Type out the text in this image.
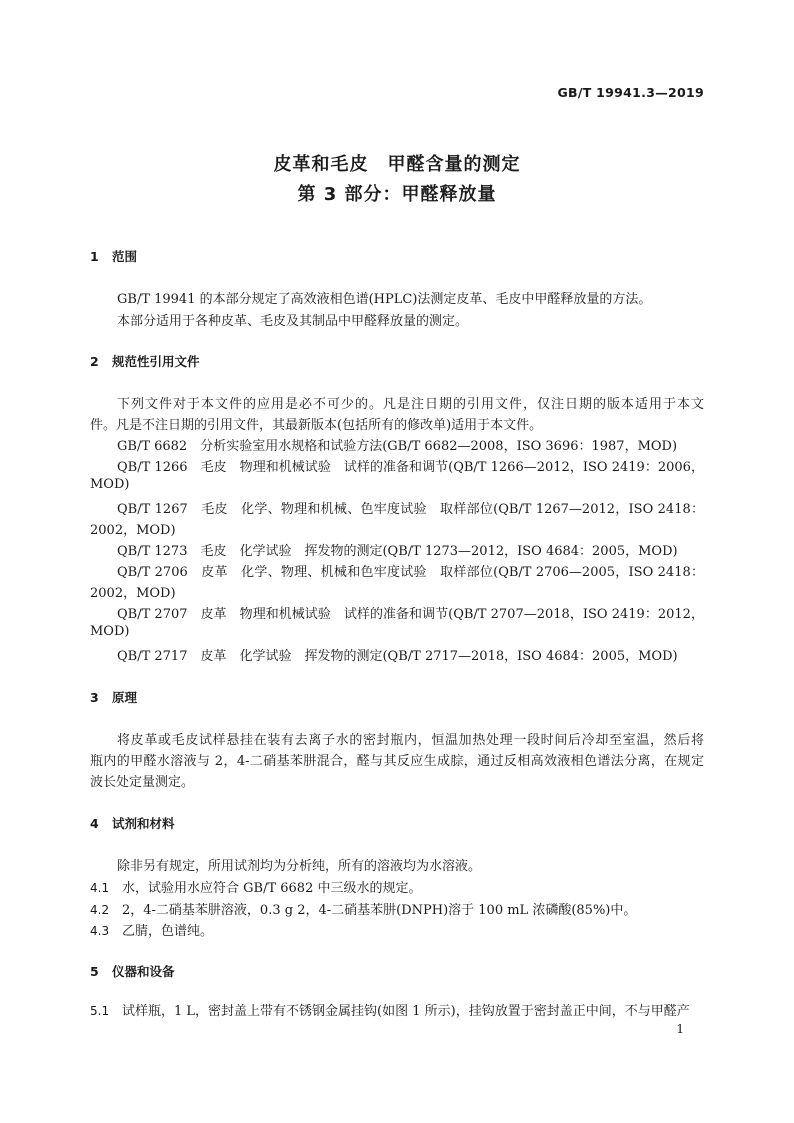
GB/T 19941.3—2019
皮革和毛皮　甲醛含量的测定
第 3 部分：甲醛释放量
1 范围
GB/T 19941 的本部分规定了高效液相色谱(HPLC)法测定皮革、毛皮中甲醛释放量的方法。
本部分适用于各种皮革、毛皮及其制品中甲醛释放量的测定。
2 规范性引用文件
下列文件对于本文件的应用是必不可少的。凡是注日期的引用文件，仅注日期的版本适用于本文
件。凡是不注日期的引用文件，其最新版本(包括所有的修改单)适用于本文件。
GB/T 6682　分析实验室用水规格和试验方法(GB/T 6682—2008，ISO 3696：1987，MOD)
QB/T 1266　毛皮　物理和机械试验　试样的准备和调节(QB/T 1266—2012，ISO 2419：2006，
MOD)
QB/T 1267　毛皮　化学、物理和机械、色牢度试验　取样部位(QB/T 1267—2012，ISO 2418：
2002，MOD)
QB/T 1273　毛皮　化学试验　挥发物的测定(QB/T 1273—2012，ISO 4684：2005，MOD)
QB/T 2706　皮革　化学、物理、机械和色牢度试验　取样部位(QB/T 2706—2005，ISO 2418：
2002，MOD)
QB/T 2707　皮革　物理和机械试验　试样的准备和调节(QB/T 2707—2018，ISO 2419：2012，
MOD)
QB/T 2717　皮革　化学试验　挥发物的测定(QB/T 2717—2018，ISO 4684：2005，MOD)
3 原理
将皮革或毛皮试样悬挂在装有去离子水的密封瓶内，恒温加热处理一段时间后冷却至室温，然后将
瓶内的甲醛水溶液与 2，4-二硝基苯肼混合，醛与其反应生成腙，通过反相高效液相色谱法分离，在规定
波长处定量测定。
4 试剂和材料
除非另有规定，所用试剂均为分析纯，所有的溶液均为水溶液。
4.1 水，试验用水应符合 GB/T 6682 中三级水的规定。
4.2 2，4-二硝基苯肼溶液，0.3 g 2，4-二硝基苯肼(DNPH)溶于 100 mL 浓磷酸(85%)中。
4.3 乙腈，色谱纯。
5 仪器和设备
5.1 试样瓶，1 L，密封盖上带有不锈钢金属挂钩(如图 1 所示)，挂钩放置于密封盖正中间，不与甲醛产
1
